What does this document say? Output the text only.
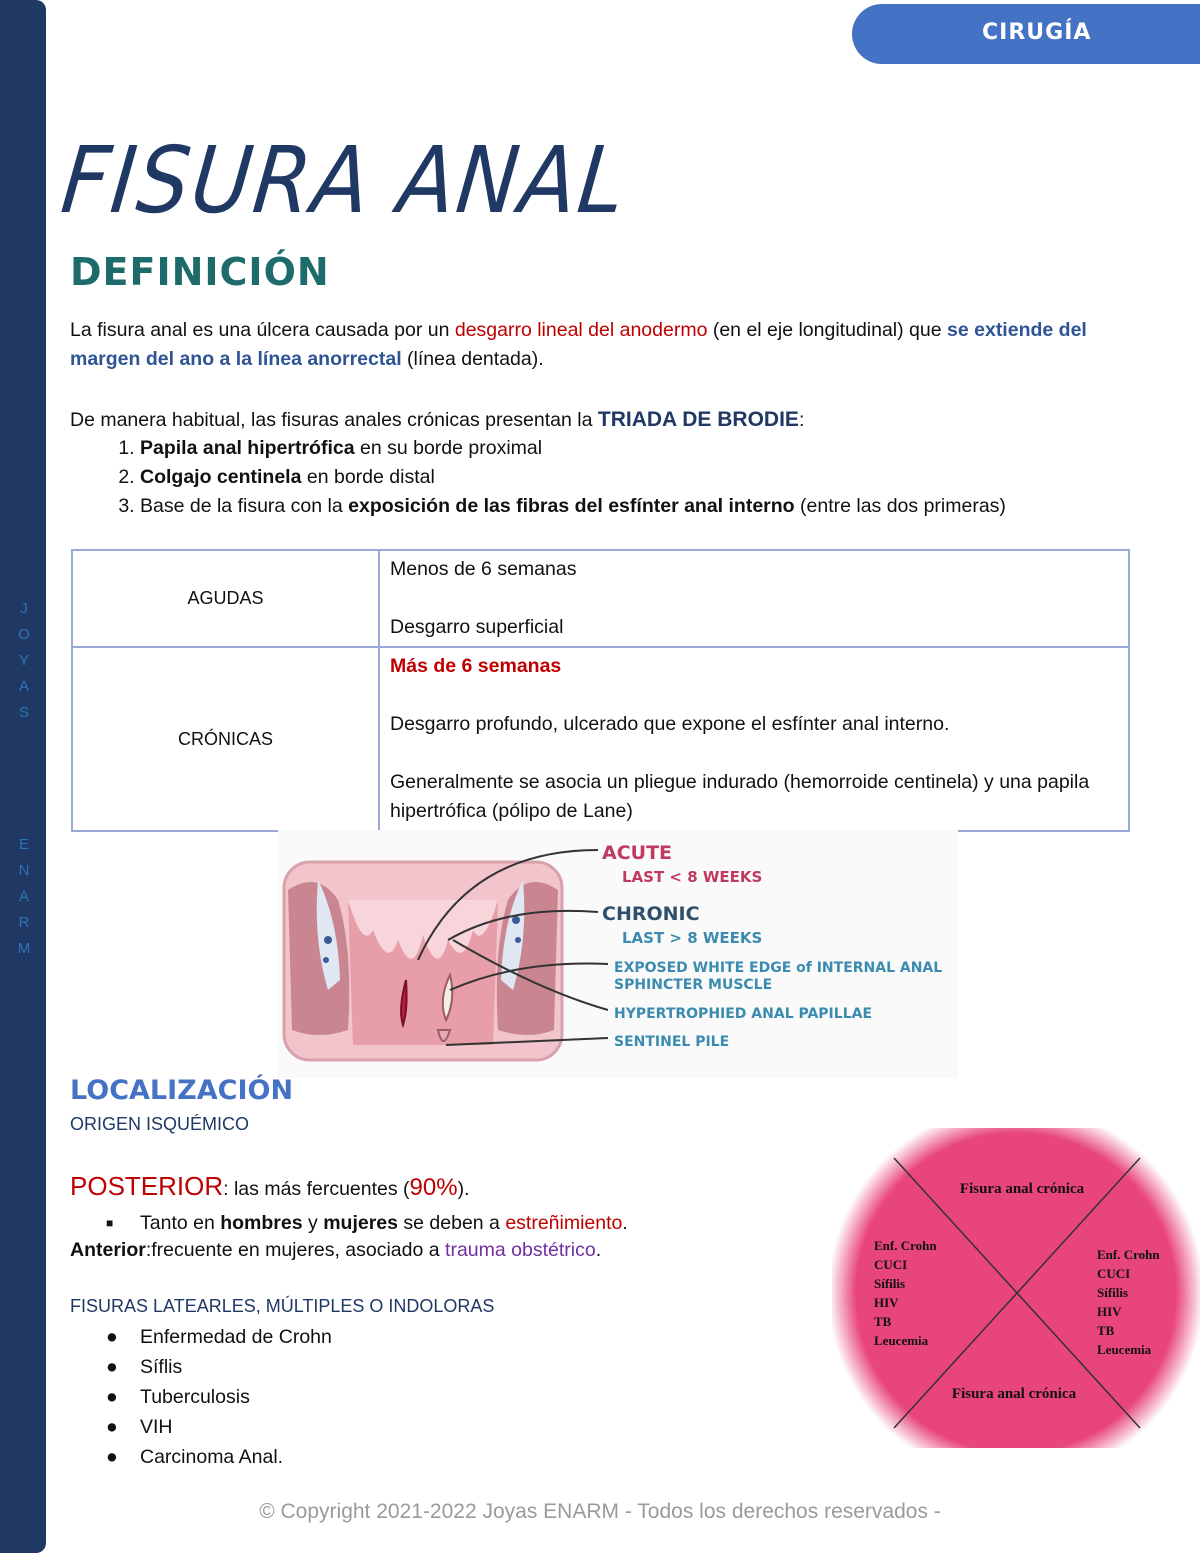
J
O
Y
A
S
E
N
A
R
M
CIRUGÍA
FISURA ANAL
DEFINICIÓN
La fisura anal es una úlcera causada por un desgarro lineal del anodermo (en el eje longitudinal) que se extiende del margen del ano a la línea anorrectal (línea dentada).
De manera habitual, las fisuras anales crónicas presentan la TRIADA DE BRODIE:
1. Papila anal hipertrófica en su borde proximal
2. Colgajo centinela en borde distal
3. Base de la fisura con la exposición de las fibras del esfínter anal interno (entre las dos primeras)
AGUDAS	Menos de 6 semanas
Desgarro superficial

CRÓNICAS	Más de 6 semanas
Desgarro profundo, ulcerado que expone el esfínter anal interno.
Generalmente se asocia un pliegue indurado (hemorroide centinela) y una papila hipertrófica (pólipo de Lane)
ACUTE
LAST < 8 WEEKS
CHRONIC
LAST > 8 WEEKS
EXPOSED WHITE EDGE of INTERNAL ANAL
SPHINCTER MUSCLE
HYPERTROPHIED ANAL PAPILLAE
SENTINEL PILE
LOCALIZACIÓN
ORIGEN ISQUÉMICO
POSTERIOR: las más fercuentes (90%).
■ Tanto en hombres y mujeres se deben a estreñimiento.
Anterior:frecuente en mujeres, asociado a trauma obstétrico.
FISURAS LATEARLES, MÚLTIPLES O INDOLORAS
● Enfermedad de Crohn
● Síflis
● Tuberculosis
● VIH
● Carcinoma Anal.
Fisura anal crónica
Fisura anal crónica
Enf. Crohn
CUCI
Sífilis
HIV
TB
Leucemia
Enf. Crohn
CUCI
Sífilis
HIV
TB
Leucemia
© Copyright 2021-2022 Joyas ENARM - Todos los derechos reservados -
